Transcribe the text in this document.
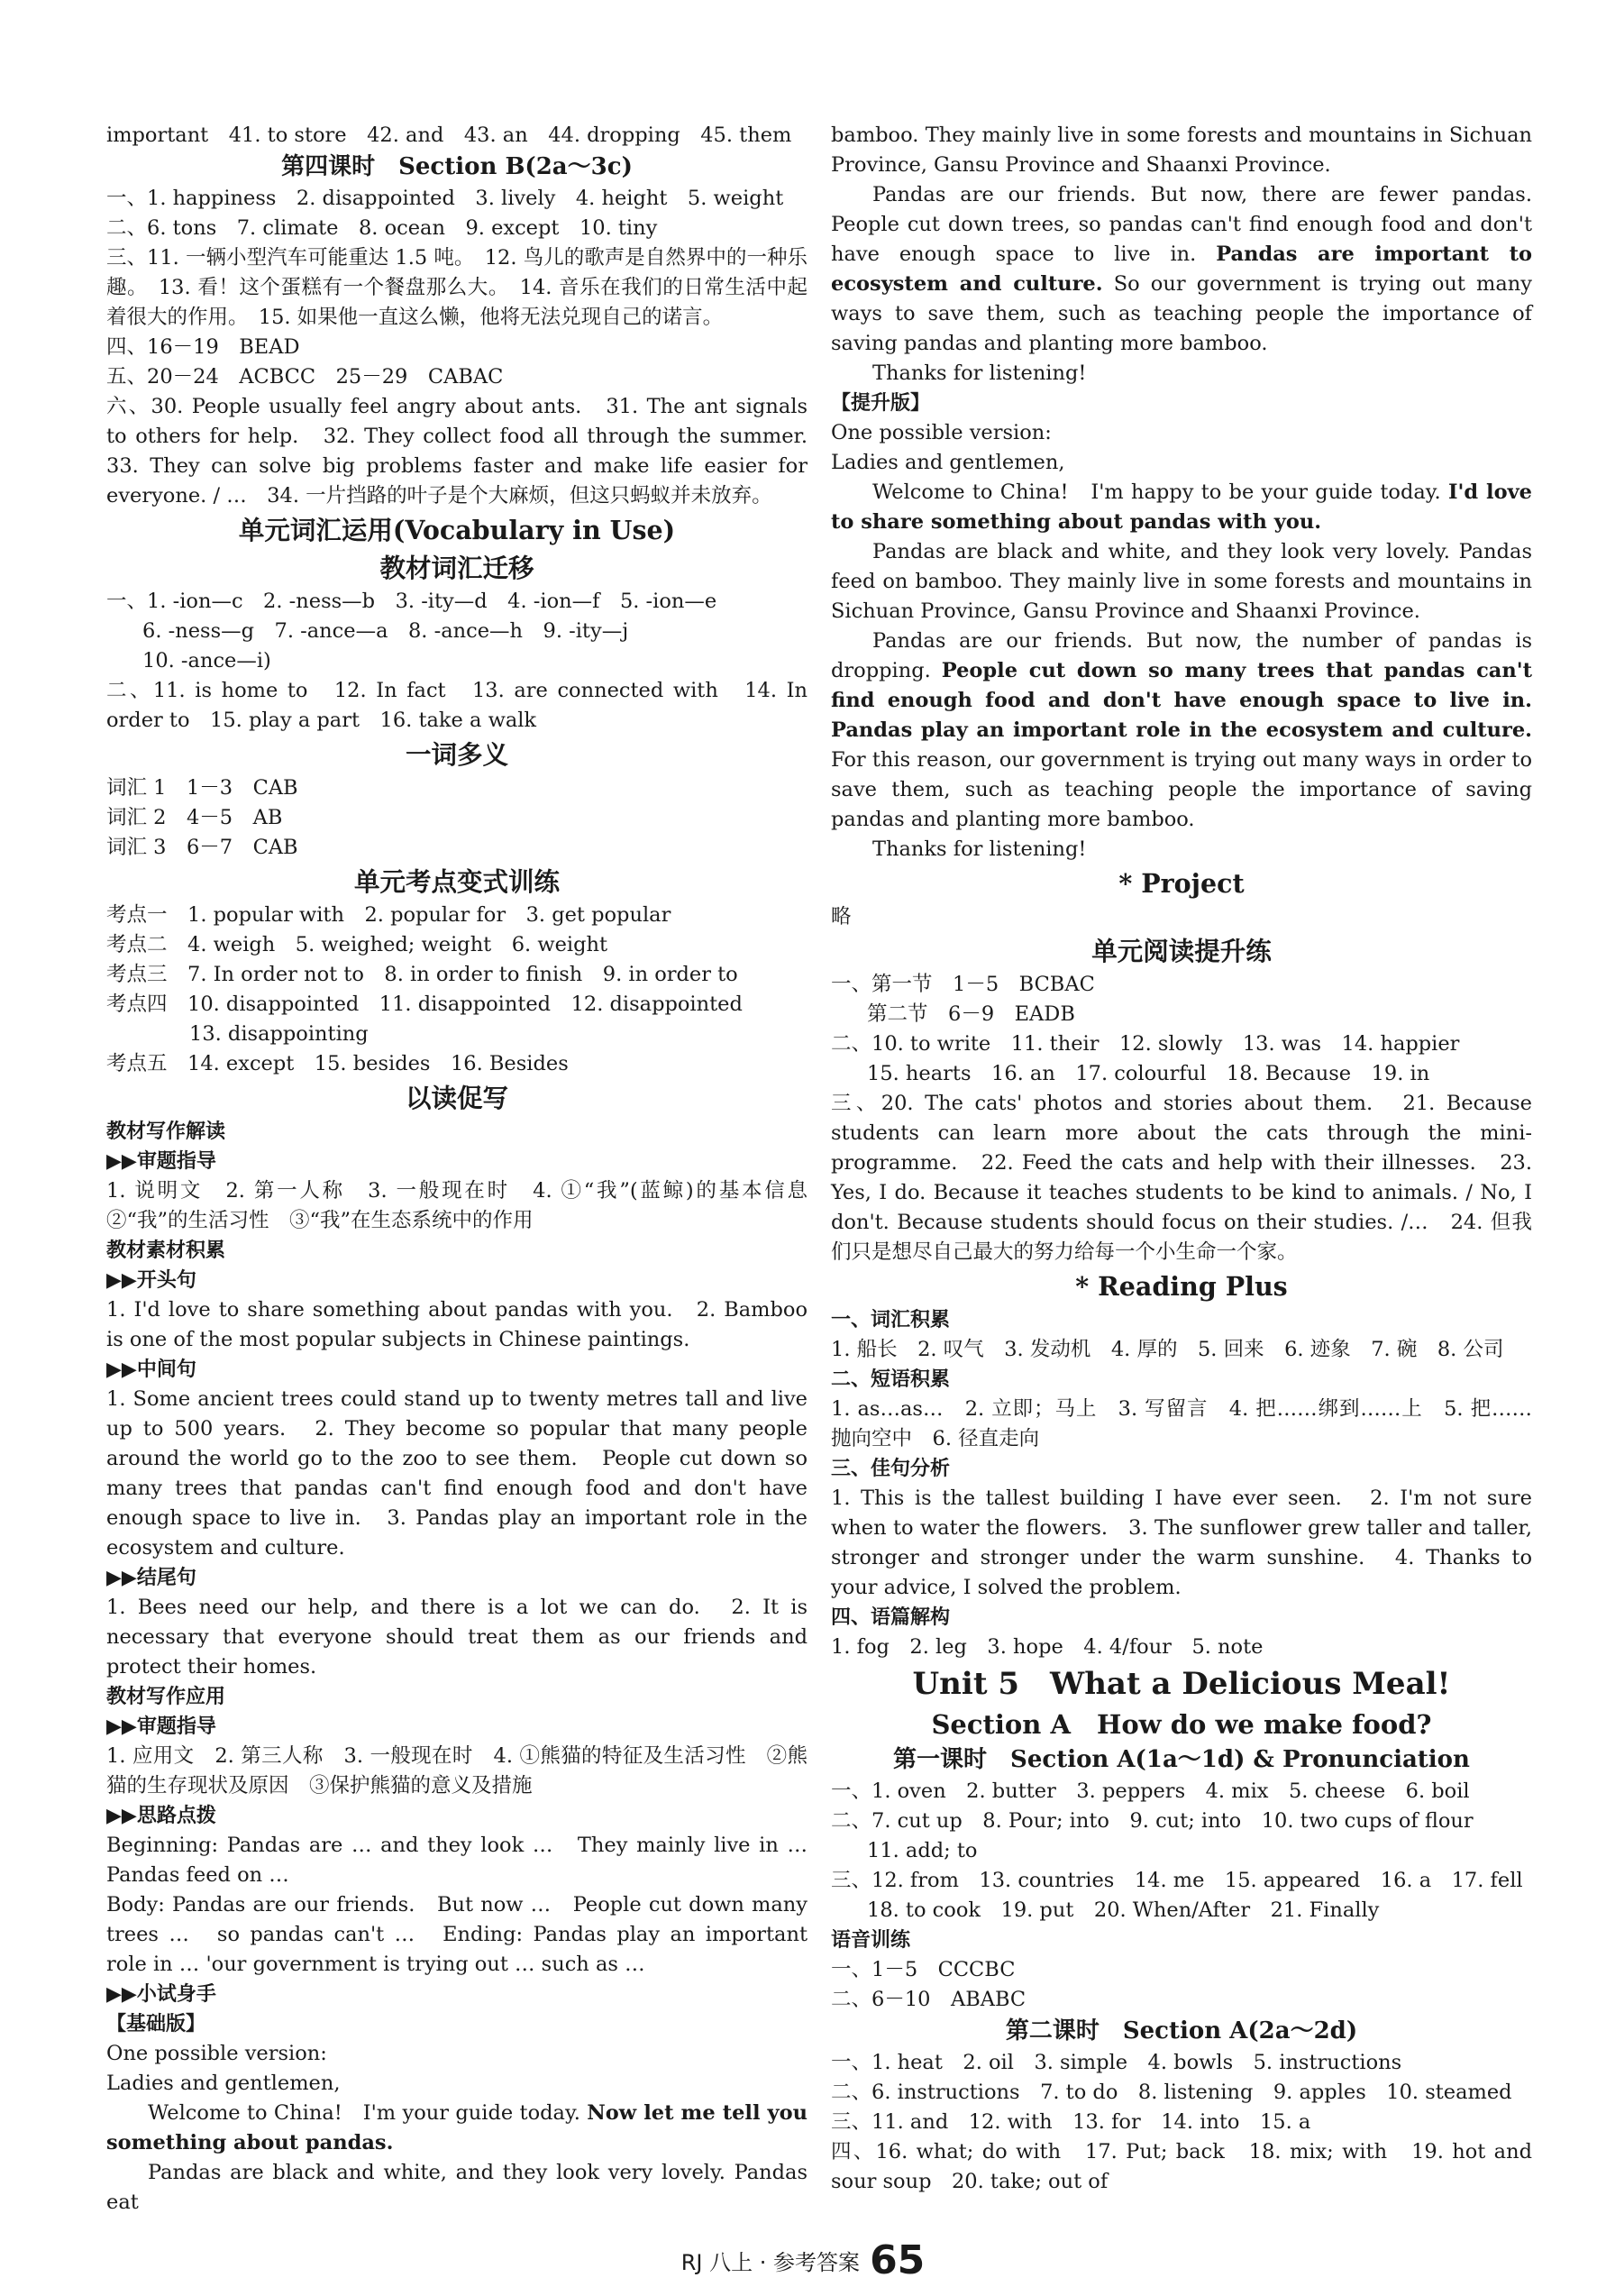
important　41. to store　42. and　43. an　44. dropping　45. them
第四课时　Section B(2a～3c)
一、1. happiness　2. disappointed　3. lively　4. height　5. weight
二、6. tons　7. climate　8. ocean　9. except　10. tiny
三、11. 一辆小型汽车可能重达 1.5 吨。　12. 鸟儿的歌声是自然界中的一种乐趣。　13. 看！这个蛋糕有一个餐盘那么大。　14. 音乐在我们的日常生活中起着很大的作用。　15. 如果他一直这么懒，他将无法兑现自己的诺言。
四、16－19　BEAD
五、20－24　ACBCC　25－29　CABAC
六、30. People usually feel angry about ants.　31. The ant signals to others for help.　32. They collect food all through the summer.　33. They can solve big problems faster and make life easier for everyone. / …　34. 一片挡路的叶子是个大麻烦，但这只蚂蚁并未放弃。
单元词汇运用(Vocabulary in Use)
教材词汇迁移
一、1. -ion—c　2. -ness—b　3. -ity—d　4. -ion—f　5. -ion—e
6. -ness—g　7. -ance—a　8. -ance—h　9. -ity—j
10. -ance—i)
二、11. is home to　12. In fact　13. are connected with　14. In order to　15. play a part　16. take a walk
一词多义
词汇 1　1－3　CAB
词汇 2　4－5　AB
词汇 3　6－7　CAB
单元考点变式训练
考点一　1. popular with　2. popular for　3. get popular
考点二　4. weigh　5. weighed; weight　6. weight
考点三　7. In order not to　8. in order to finish　9. in order to
考点四　10. disappointed　11. disappointed　12. disappointed
13. disappointing
考点五　14. except　15. besides　16. Besides
以读促写
教材写作解读
▶▶审题指导
1. 说明文　2. 第一人称　3. 一般现在时　4. ①“我”(蓝鲸)的基本信息　②“我”的生活习性　③“我”在生态系统中的作用
教材素材积累
▶▶开头句
1. I'd love to share something about pandas with you.　2. Bamboo is one of the most popular subjects in Chinese paintings.
▶▶中间句
1. Some ancient trees could stand up to twenty metres tall and live up to 500 years.　2. They become so popular that many people around the world go to the zoo to see them.　People cut down so many trees that pandas can't find enough food and don't have enough space to live in.　3. Pandas play an important role in the ecosystem and culture.
▶▶结尾句
1. Bees need our help, and there is a lot we can do.　2. It is necessary that everyone should treat them as our friends and protect their homes.
教材写作应用
▶▶审题指导
1. 应用文　2. 第三人称　3. 一般现在时　4. ①熊猫的特征及生活习性　②熊猫的生存现状及原因　③保护熊猫的意义及措施
▶▶思路点拨
Beginning: Pandas are … and they look …　They mainly live in … Pandas feed on …
Body: Pandas are our friends.　But now …　People cut down many trees …　so pandas can't …　Ending: Pandas play an important role in … 'our government is trying out … such as …
▶▶小试身手
【基础版】
One possible version:
Ladies and gentlemen,
Welcome to China!　I'm your guide today. Now let me tell you something about pandas.
Pandas are black and white, and they look very lovely. Pandas eat
bamboo. They mainly live in some forests and mountains in Sichuan Province, Gansu Province and Shaanxi Province.
Pandas are our friends. But now, there are fewer pandas. People cut down trees, so pandas can't find enough food and don't have enough space to live in. Pandas are important to ecosystem and culture. So our government is trying out many ways to save them, such as teaching people the importance of saving pandas and planting more bamboo.
Thanks for listening!
【提升版】
One possible version:
Ladies and gentlemen,
Welcome to China!　I'm happy to be your guide today. I'd love to share something about pandas with you.
Pandas are black and white, and they look very lovely. Pandas feed on bamboo. They mainly live in some forests and mountains in Sichuan Province, Gansu Province and Shaanxi Province.
Pandas are our friends. But now, the number of pandas is dropping. People cut down so many trees that pandas can't find enough food and don't have enough space to live in. Pandas play an important role in the ecosystem and culture. For this reason, our government is trying out many ways in order to save them, such as teaching people the importance of saving pandas and planting more bamboo.
Thanks for listening!
* Project
略
单元阅读提升练
一、第一节　1－5　BCBAC
第二节　6－9　EADB
二、10. to write　11. their　12. slowly　13. was　14. happier
15. hearts　16. an　17. colourful　18. Because　19. in
三、20. The cats' photos and stories about them.　21. Because students can learn more about the cats through the mini-programme.　22. Feed the cats and help with their illnesses.　23. Yes, I do. Because it teaches students to be kind to animals. / No, I don't. Because students should focus on their studies. /…　24. 但我们只是想尽自己最大的努力给每一个小生命一个家。
* Reading Plus
一、词汇积累
1. 船长　2. 叹气　3. 发动机　4. 厚的　5. 回来　6. 迹象　7. 碗　8. 公司
二、短语积累
1. as…as…　2. 立即；马上　3. 写留言　4. 把……绑到……上　5. 把……抛向空中　6. 径直走向
三、佳句分析
1. This is the tallest building I have ever seen.　2. I'm not sure when to water the flowers.　3. The sunflower grew taller and taller, stronger and stronger under the warm sunshine.　4. Thanks to your advice, I solved the problem.
四、语篇解构
1. fog　2. leg　3. hope　4. 4/four　5. note
Unit 5　What a Delicious Meal!
Section A　How do we make food?
第一课时　Section A(1a～1d) & Pronunciation
一、1. oven　2. butter　3. peppers　4. mix　5. cheese　6. boil
二、7. cut up　8. Pour; into　9. cut; into　10. two cups of flour
11. add; to
三、12. from　13. countries　14. me　15. appeared　16. a　17. fell
18. to cook　19. put　20. When/After　21. Finally
语音训练
一、1－5　CCCBC
二、6－10　ABABC
第二课时　Section A(2a～2d)
一、1. heat　2. oil　3. simple　4. bowls　5. instructions
二、6. instructions　7. to do　8. listening　9. apples　10. steamed
三、11. and　12. with　13. for　14. into　15. a
四、16. what; do with　17. Put; back　18. mix; with　19. hot and sour soup　20. take; out of
RJ 八上 · 参考答案 65
